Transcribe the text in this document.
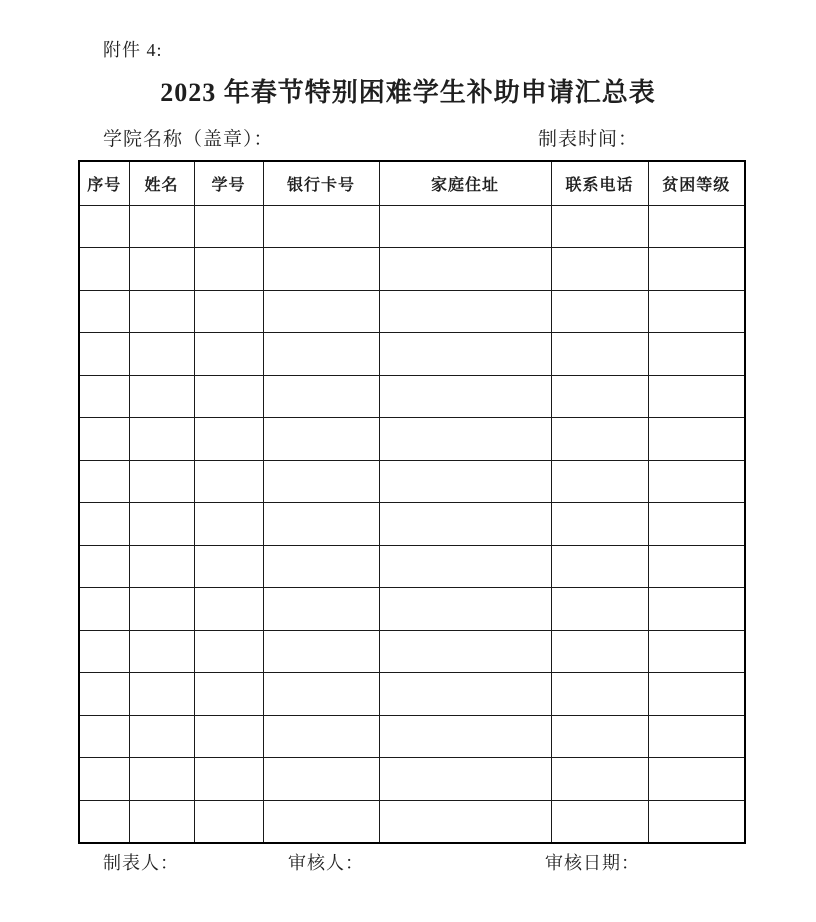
附件 4:
2023 年春节特别困难学生补助申请汇总表
学院名称（盖章）：	制表时间：
序号	姓名	学号	银行卡号	家庭住址	联系电话	贫困等级

制表人：	审核人：	审核日期：
